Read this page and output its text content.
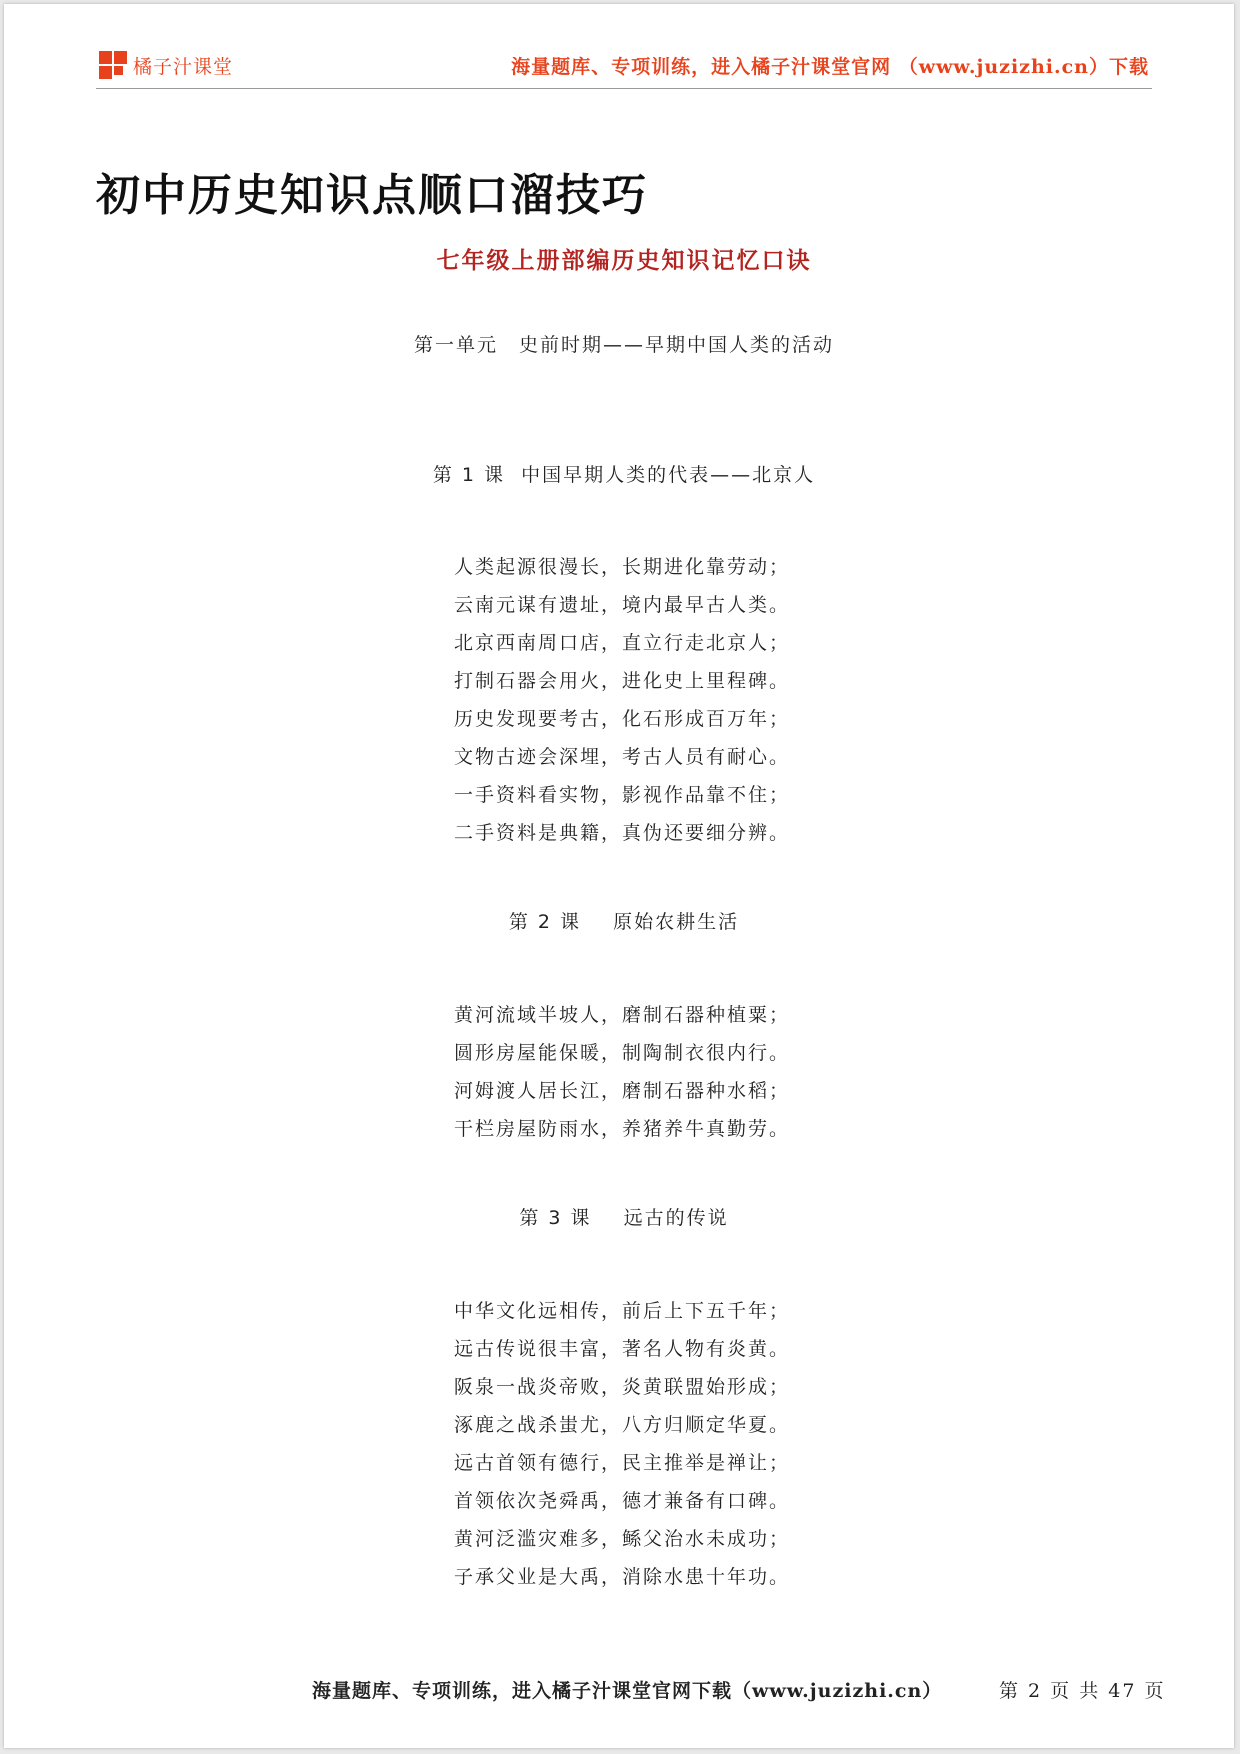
橘子汁课堂	海量题库、专项训练，进入橘子汁课堂官网 （www.juzizhi.cn）下载
初中历史知识点顺口溜技巧
七年级上册部编历史知识记忆口诀
第一单元　史前时期——早期中国人类的活动
第 1 课  中国早期人类的代表——北京人
人类起源很漫长，长期进化靠劳动；
云南元谋有遗址，境内最早古人类。
北京西南周口店，直立行走北京人；
打制石器会用火，进化史上里程碑。
历史发现要考古，化石形成百万年；
文物古迹会深埋，考古人员有耐心。
一手资料看实物，影视作品靠不住；
二手资料是典籍，真伪还要细分辨。
第 2 课    原始农耕生活
黄河流域半坡人，磨制石器种植粟；
圆形房屋能保暖，制陶制衣很内行。
河姆渡人居长江，磨制石器种水稻；
干栏房屋防雨水，养猪养牛真勤劳。
第 3 课    远古的传说
中华文化远相传，前后上下五千年；
远古传说很丰富，著名人物有炎黄。
阪泉一战炎帝败，炎黄联盟始形成；
涿鹿之战杀蚩尤，八方归顺定华夏。
远古首领有德行，民主推举是禅让；
首领依次尧舜禹，德才兼备有口碑。
黄河泛滥灾难多，鲧父治水未成功；
子承父业是大禹，消除水患十年功。
海量题库、专项训练，进入橘子汁课堂官网下载（www.juzizhi.cn）	第 2 页 共 47 页
